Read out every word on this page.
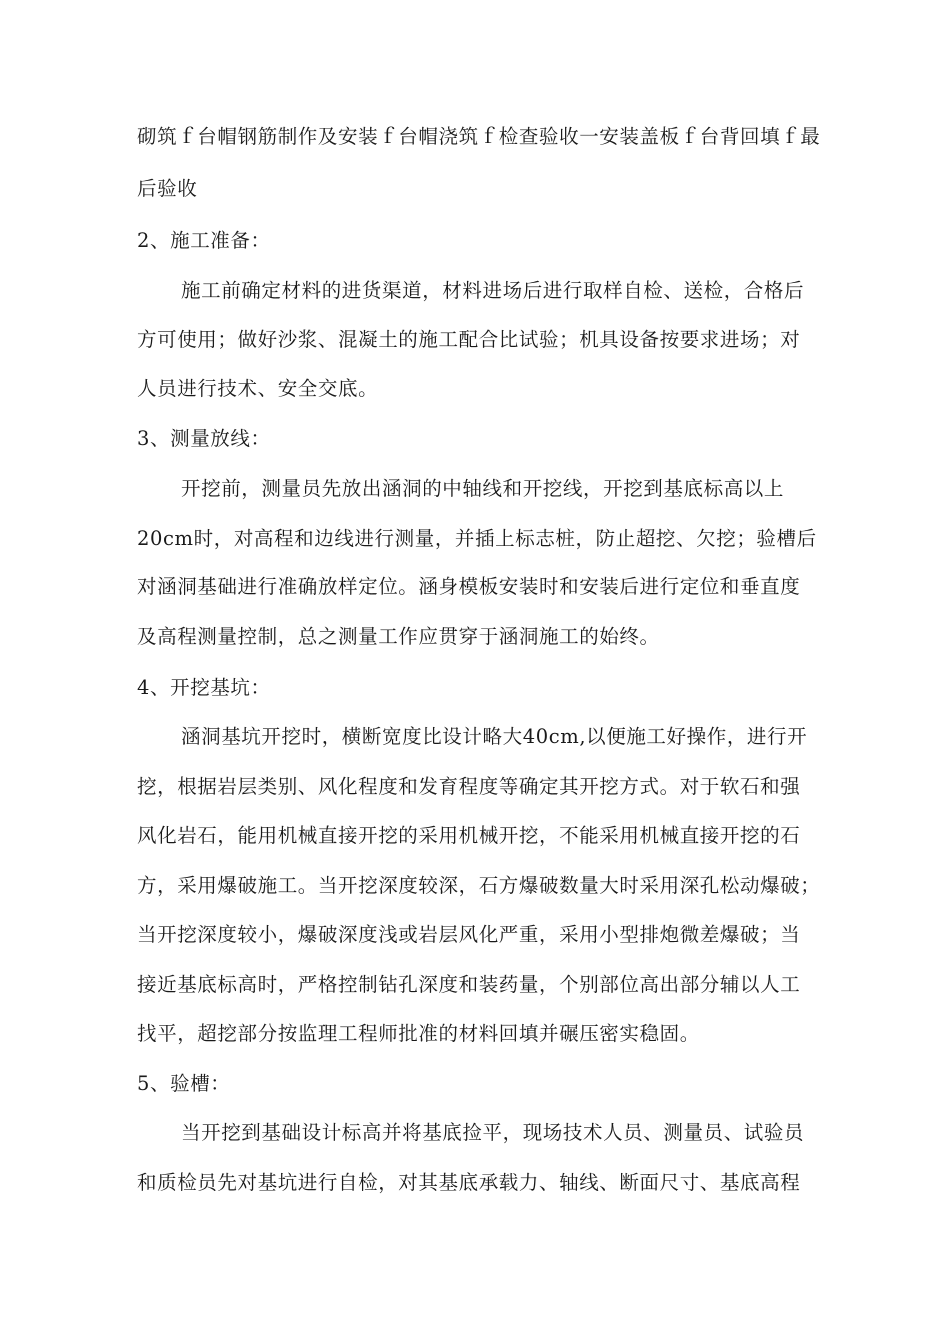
砌筑ｆ台帽钢筋制作及安装ｆ台帽浇筑ｆ检查验收一安装盖板ｆ台背回填ｆ最
后验收
2、施工准备：
施工前确定材料的进货渠道，材料进场后进行取样自检、送检，合格后
方可使用；做好沙浆、混凝土的施工配合比试验；机具设备按要求进场；对
人员进行技术、安全交底。
3、测量放线：
开挖前，测量员先放出涵洞的中轴线和开挖线，开挖到基底标高以上
20cm时，对高程和边线进行测量，并插上标志桩，防止超挖、欠挖；验槽后
对涵洞基础进行准确放样定位。涵身模板安装时和安装后进行定位和垂直度
及高程测量控制，总之测量工作应贯穿于涵洞施工的始终。
4、开挖基坑：
涵洞基坑开挖时，横断宽度比设计略大40cm,以便施工好操作，进行开
挖，根据岩层类别、风化程度和发育程度等确定其开挖方式。对于软石和强
风化岩石，能用机械直接开挖的采用机械开挖，不能采用机械直接开挖的石
方，采用爆破施工。当开挖深度较深，石方爆破数量大时采用深孔松动爆破；
当开挖深度较小，爆破深度浅或岩层风化严重，采用小型排炮微差爆破；当
接近基底标高时，严格控制钻孔深度和装药量，个别部位高出部分辅以人工
找平，超挖部分按监理工程师批准的材料回填并碾压密实稳固。
5、验槽：
当开挖到基础设计标高并将基底捡平，现场技术人员、测量员、试验员
和质检员先对基坑进行自检，对其基底承载力、轴线、断面尺寸、基底高程
